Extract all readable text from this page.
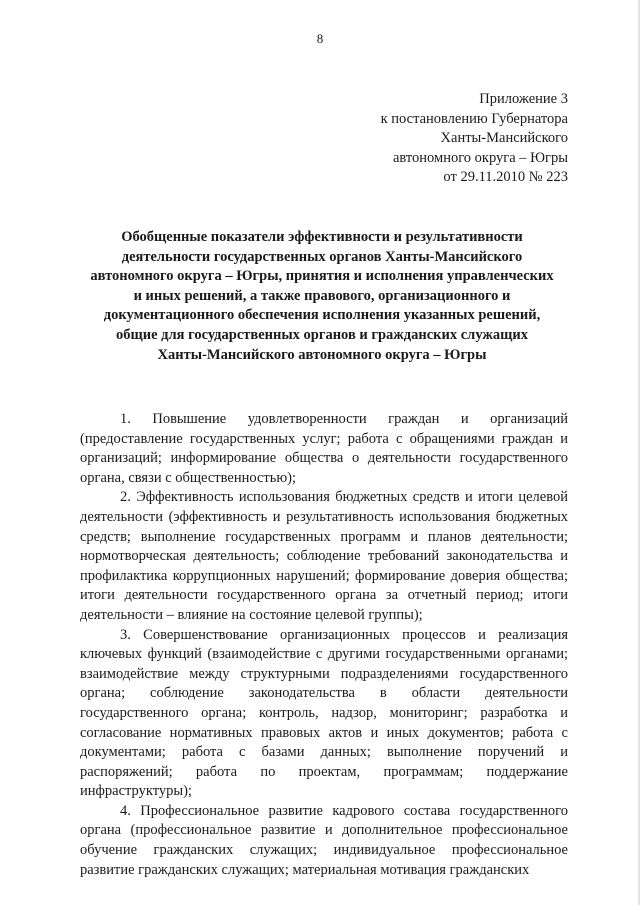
8
Приложение 3
к постановлению Губернатора
Ханты-Мансийского
автономного округа – Югры
от 29.11.2010 № 223
Обобщенные показатели эффективности и результативности
деятельности государственных органов Ханты-Мансийского
автономного округа – Югры, принятия и исполнения управленческих
и иных решений, а также правового, организационного и
документационного обеспечения исполнения указанных решений,
общие для государственных органов и гражданских служащих
Ханты-Мансийского автономного округа – Югры

1. Повышение удовлетворенности граждан и организаций (предоставление государственных услуг; работа с обращениями граждан и организаций; информирование общества о деятельности государственного органа, связи с общественностью);

2. Эффективность использования бюджетных средств и итоги целевой деятельности (эффективность и результативность использования бюджетных средств; выполнение государственных программ и планов деятельности; нормотворческая деятельность; соблюдение требований законодательства и профилактика коррупционных нарушений; формирование доверия общества; итоги деятельности государственного органа за отчетный период; итоги деятельности – влияние на состояние целевой группы);

3. Совершенствование организационных процессов и реализация ключевых функций (взаимодействие с другими государственными органами; взаимодействие между структурными подразделениями государственного органа; соблюдение законодательства в области деятельности государственного органа; контроль, надзор, мониторинг; разработка и согласование нормативных правовых актов и иных документов; работа с документами; работа с базами данных; выполнение поручений и распоряжений; работа по проектам, программам; поддержание инфраструктуры);

4. Профессиональное развитие кадрового состава государственного органа (профессиональное развитие и дополнительное профессиональное обучение гражданских служащих; индивидуальное профессиональное развитие гражданских служащих; материальная мотивация гражданских
